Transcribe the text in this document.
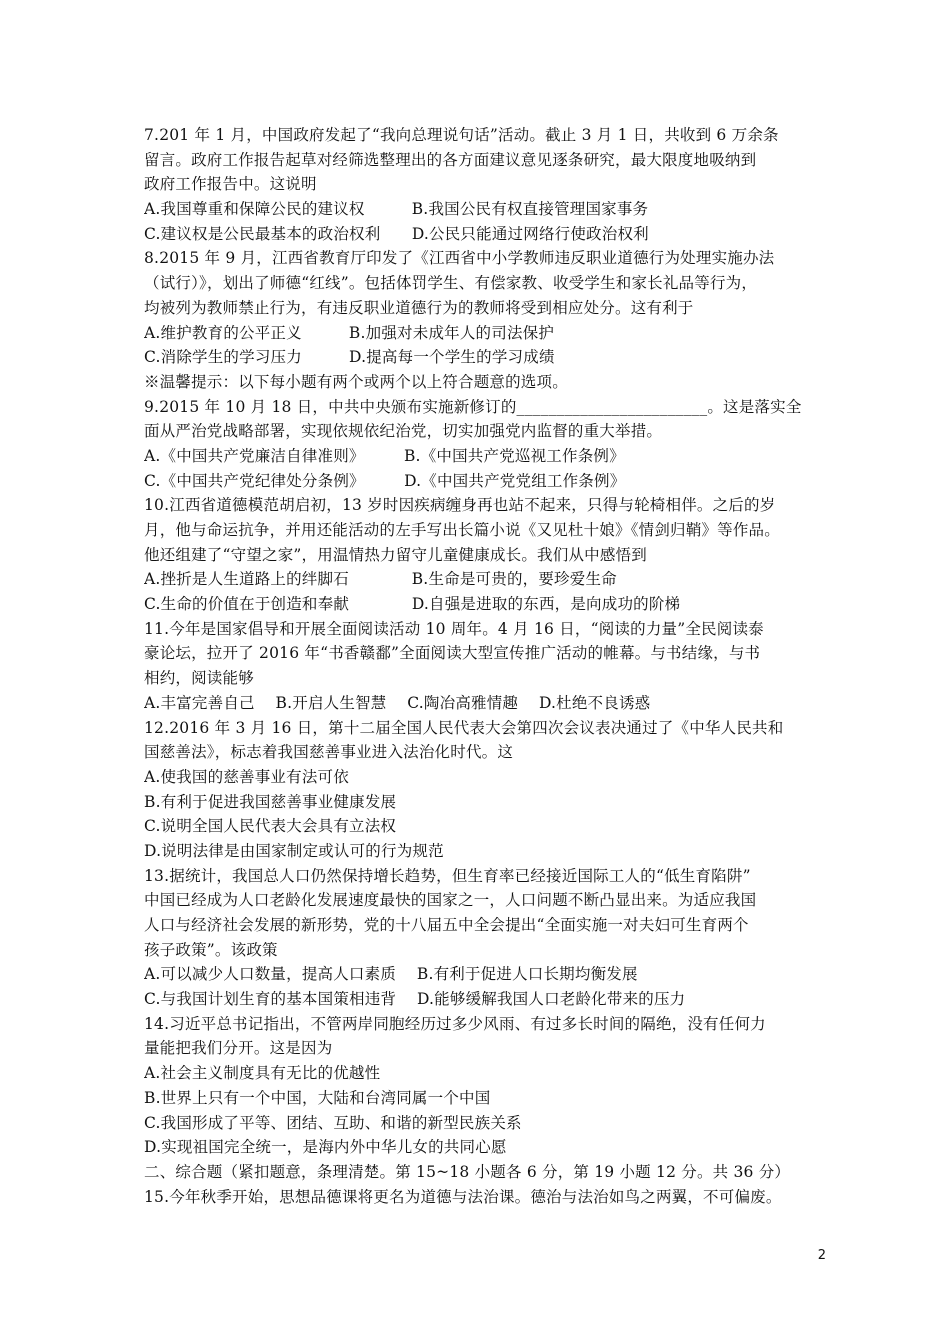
7.201 年 1 月，中国政府发起了“我向总理说句话”活动。截止 3 月 1 日，共收到 6 万余条
留言。政府工作报告起草对经筛选整理出的各方面建议意见逐条研究，最大限度地吸纳到
政府工作报告中。这说明
A.我国尊重和保障公民的建议权　　　B.我国公民有权直接管理国家事务
C.建议权是公民最基本的政治权利　　D.公民只能通过网络行使政治权利
8.2015 年 9 月，江西省教育厅印发了《江西省中小学教师违反职业道德行为处理实施办法
（试行）》，划出了师德“红线”。包括体罚学生、有偿家教、收受学生和家长礼品等行为，
均被列为教师禁止行为，有违反职业道德行为的教师将受到相应处分。这有利于
A.维护教育的公平正义　　　B.加强对未成年人的司法保护
C.消除学生的学习压力　　　D.提高每一个学生的学习成绩
※温馨提示：以下每小题有两个或两个以上符合题意的选项。
9.2015 年 10 月 18 日，中共中央颁布实施新修订的________________________。这是落实全
面从严治党战略部署，实现依规依纪治党，切实加强党内监督的重大举措。
A.《中国共产党廉洁自律准则》　　　B.《中国共产党巡视工作条例》
C.《中国共产党纪律处分条例》　　　D.《中国共产党党组工作条例》
10.江西省道德模范胡启初，13 岁时因疾病缠身再也站不起来，只得与轮椅相伴。之后的岁
月，他与命运抗争，并用还能活动的左手写出长篇小说《又见杜十娘》《情剑归鞘》等作品。
他还组建了“守望之家”，用温情热力留守儿童健康成长。我们从中感悟到
A.挫折是人生道路上的绊脚石　　　　B.生命是可贵的，要珍爱生命
C.生命的价值在于创造和奉献　　　　D.自强是进取的东西，是向成功的阶梯
11.今年是国家倡导和开展全面阅读活动 10 周年。4 月 16 日，“阅读的力量”全民阅读泰
豪论坛，拉开了 2016 年“书香赣鄱”全面阅读大型宣传推广活动的帷幕。与书结缘，与书
相约，阅读能够
A.丰富完善自己　 B.开启人生智慧　 C.陶冶高雅情趣　 D.杜绝不良诱惑
12.2016 年 3 月 16 日，第十二届全国人民代表大会第四次会议表决通过了《中华人民共和
国慈善法》，标志着我国慈善事业进入法治化时代。这
A.使我国的慈善事业有法可依
B.有利于促进我国慈善事业健康发展
C.说明全国人民代表大会具有立法权
D.说明法律是由国家制定或认可的行为规范
13.据统计，我国总人口仍然保持增长趋势，但生育率已经接近国际工人的“低生育陷阱”
中国已经成为人口老龄化发展速度最快的国家之一，人口问题不断凸显出来。为适应我国
人口与经济社会发展的新形势，党的十八届五中全会提出“全面实施一对夫妇可生育两个
孩子政策”。该政策
A.可以减少人口数量，提高人口素质　 B.有利于促进人口长期均衡发展
C.与我国计划生育的基本国策相违背　 D.能够缓解我国人口老龄化带来的压力
14.习近平总书记指出，不管两岸同胞经历过多少风雨、有过多长时间的隔绝，没有任何力
量能把我们分开。这是因为
A.社会主义制度具有无比的优越性
B.世界上只有一个中国，大陆和台湾同属一个中国
C.我国形成了平等、团结、互助、和谐的新型民族关系
D.实现祖国完全统一，是海内外中华儿女的共同心愿
二、综合题（紧扣题意，条理清楚。第 15~18 小题各 6 分，第 19 小题 12 分。共 36 分）
15.今年秋季开始，思想品德课将更名为道德与法治课。德治与法治如鸟之两翼，不可偏废。
2
